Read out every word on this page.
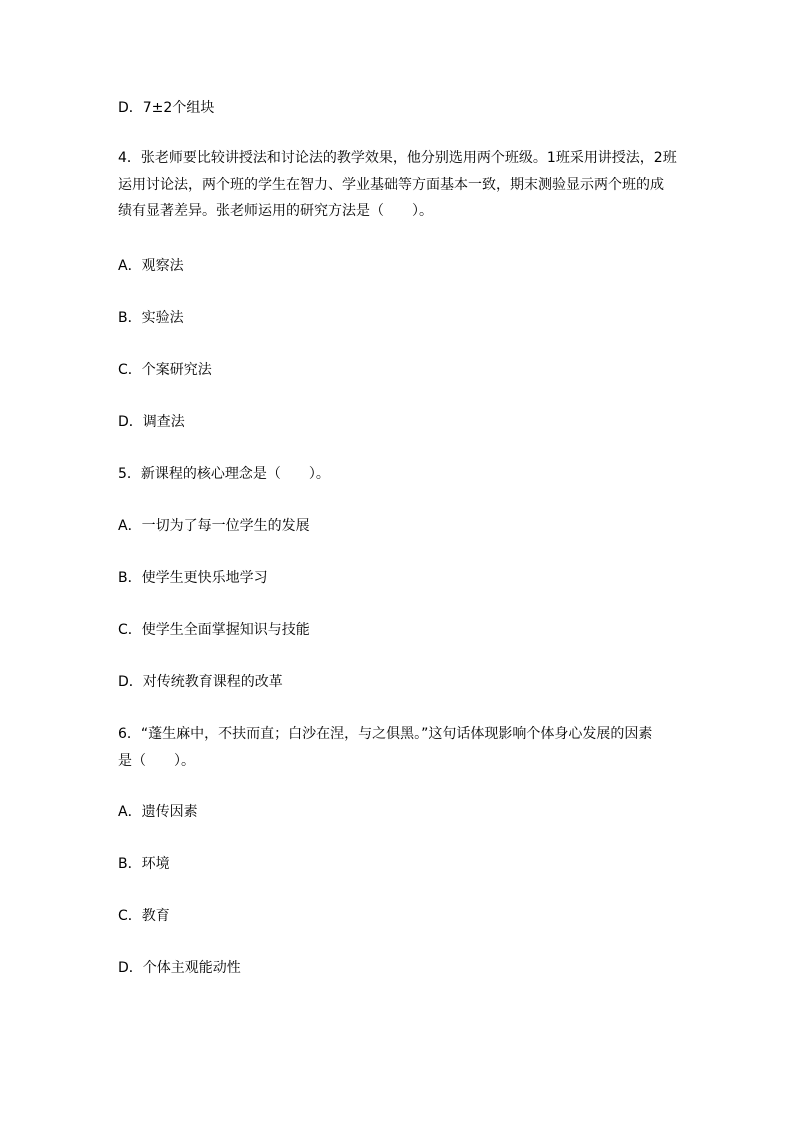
D．7±2个组块
4．张老师要比较讲授法和讨论法的教学效果，他分别选用两个班级。1班采用讲授法，2班
运用讨论法，两个班的学生在智力、学业基础等方面基本一致，期末测验显示两个班的成
绩有显著差异。张老师运用的研究方法是（　　）。
A．观察法
B．实验法
C．个案研究法
D．调查法
5．新课程的核心理念是（　　）。
A．一切为了每一位学生的发展
B．使学生更快乐地学习
C．使学生全面掌握知识与技能
D．对传统教育课程的改革
6．“蓬生麻中，不扶而直；白沙在涅，与之俱黑。”这句话体现影响个体身心发展的因素
是（　　）。
A．遗传因素
B．环境
C．教育
D．个体主观能动性
